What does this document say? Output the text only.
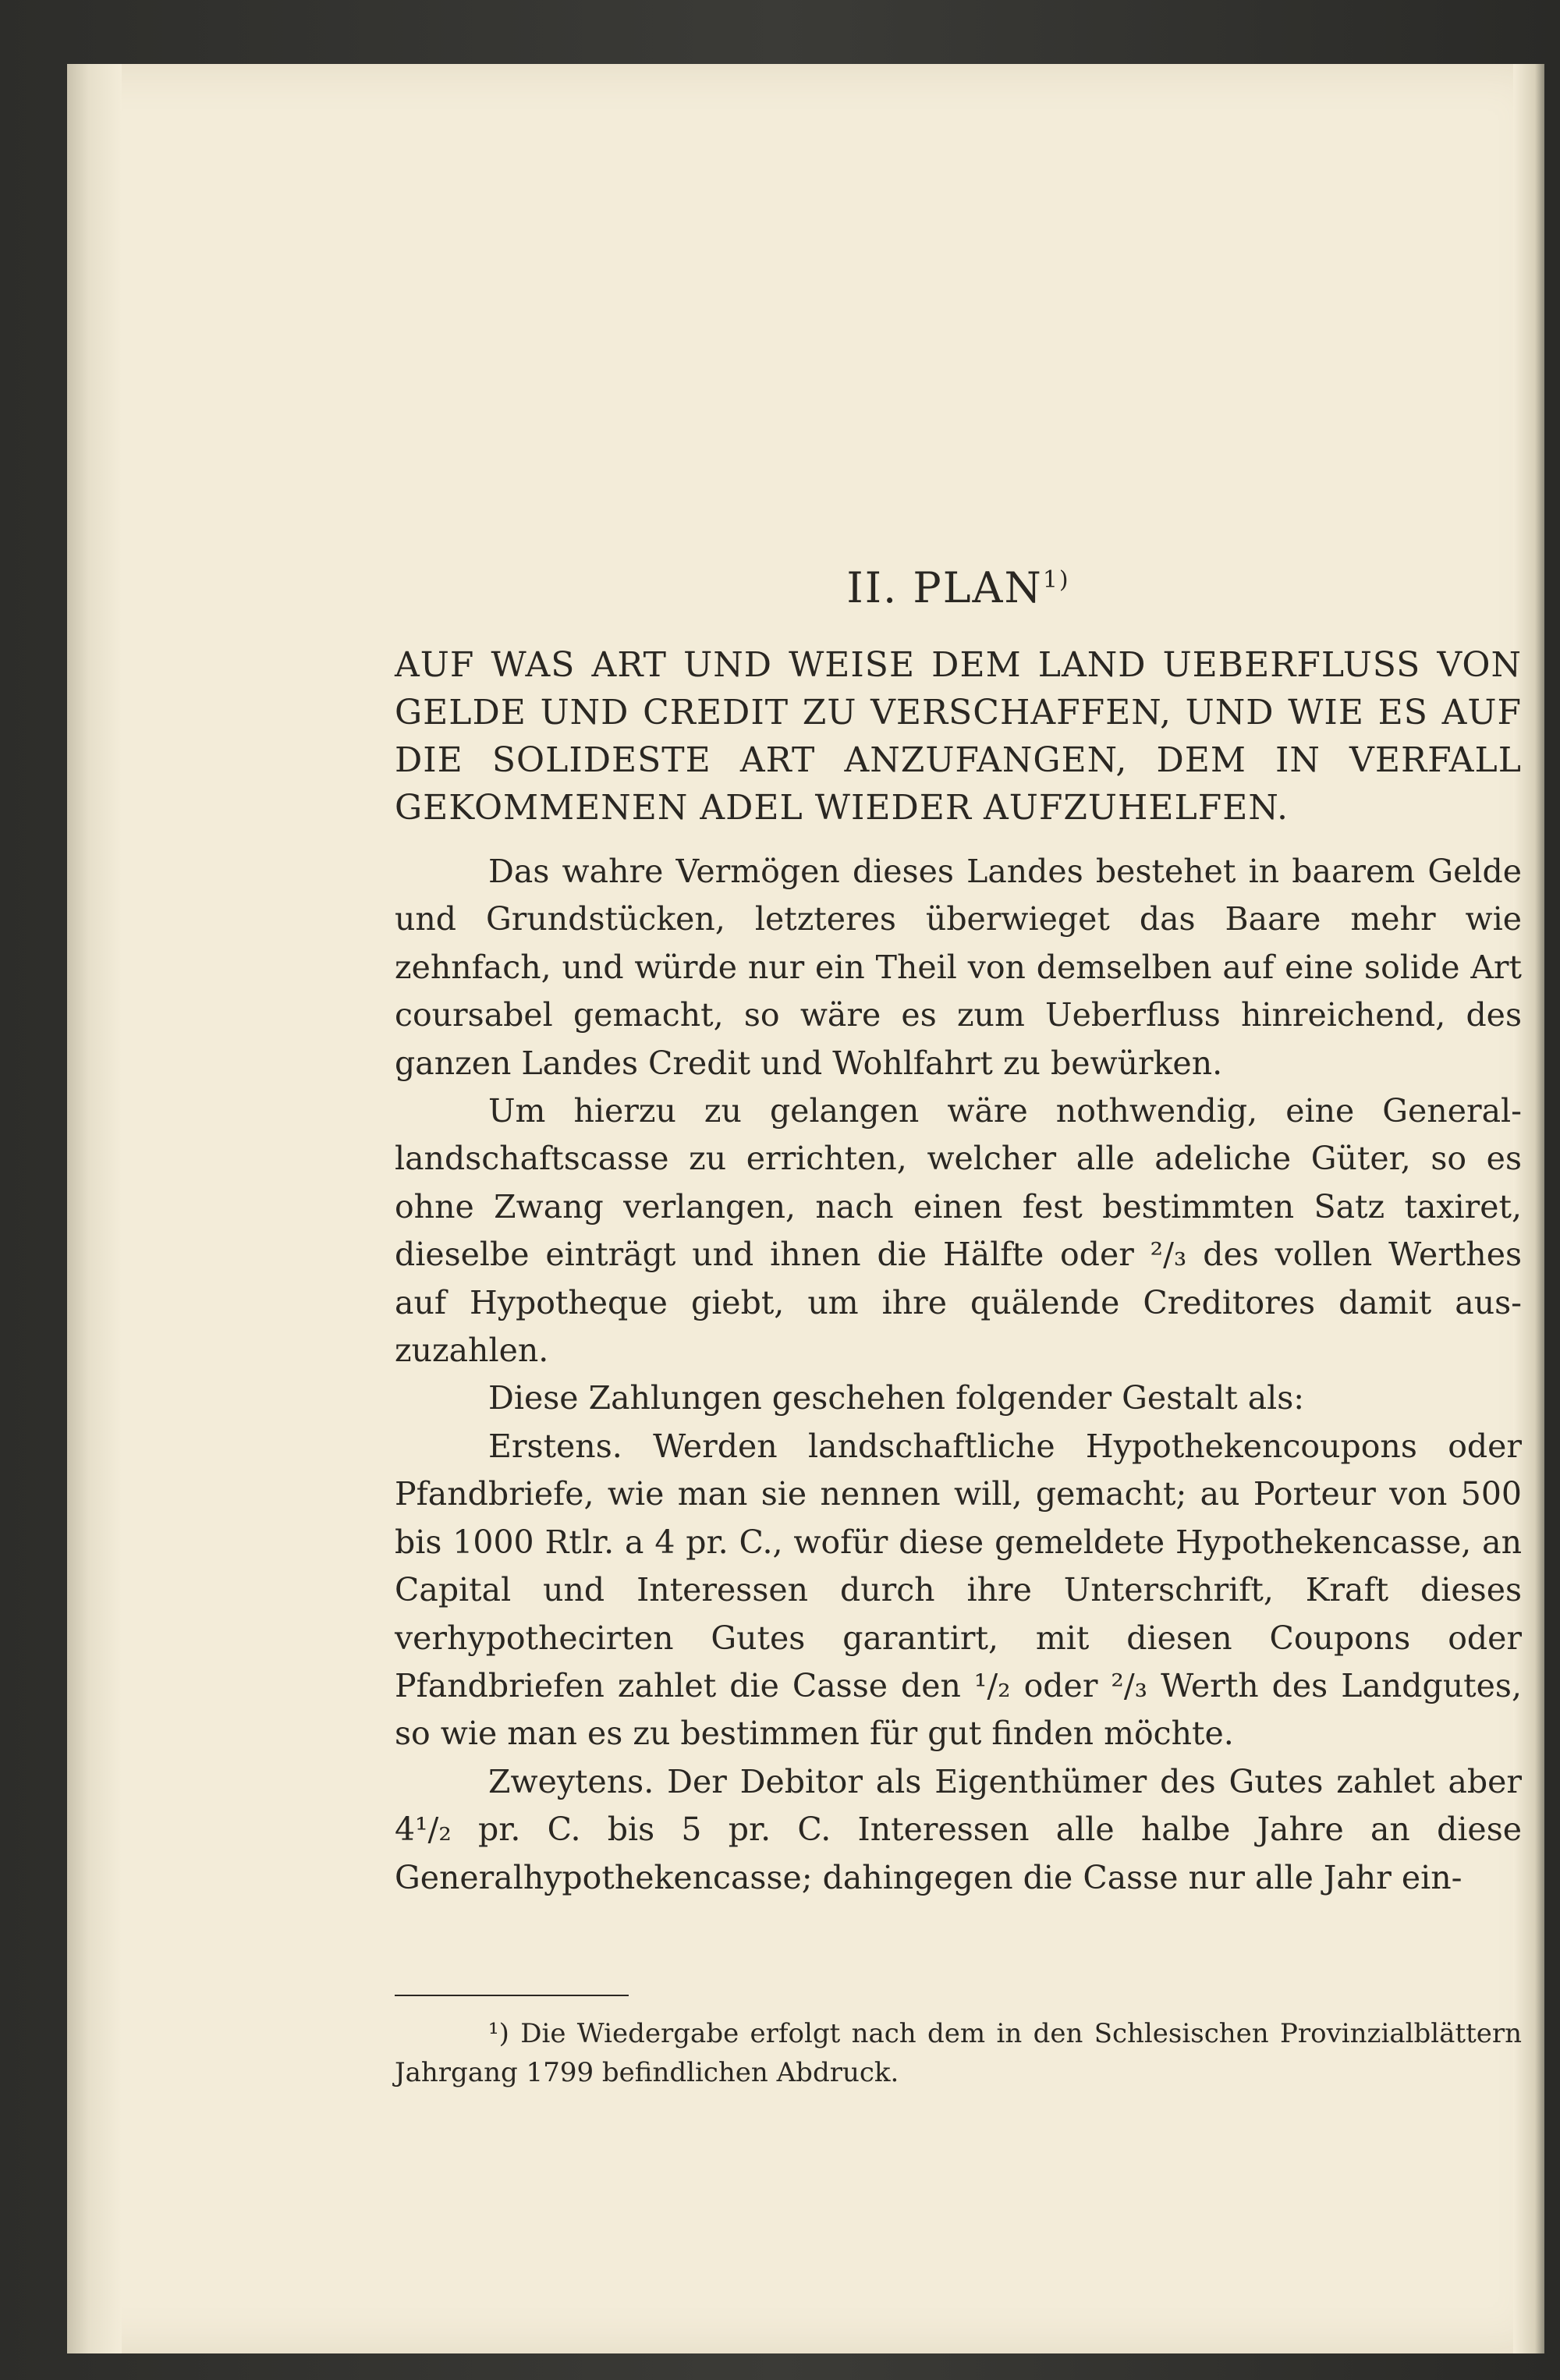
II. PLAN$^{1)}$

AUF WAS ART UND WEISE DEM LAND UEBERFLUSS VON GELDE UND CREDIT ZU VERSCHAFFEN, UND WIE ES AUF DIE SOLIDESTE ART ANZUFANGEN, DEM IN VERFALL GEKOMMENEN ADEL WIEDER AUFZUHELFEN.

Das wahre Vermögen dieses Landes bestehet in baarem Gelde und Grundstücken, letzteres überwieget das Baare mehr wie zehnfach, und würde nur ein Theil von demselben auf eine solide Art coursabel gemacht, so wäre es zum Ueberfluss hinreichend, des ganzen Landes Credit und Wohlfahrt zu bewürken.

Um hierzu zu gelangen wäre nothwendig, eine Generallandschaftscasse zu errichten, welcher alle adeliche Güter, so es ohne Zwang verlangen, nach einen fest bestimmten Satz taxiret, dieselbe einträgt und ihnen die Hälfte oder ²/₃ des vollen Werthes auf Hypotheque giebt, um ihre quälende Creditores damit auszuzahlen.

Diese Zahlungen geschehen folgender Gestalt als:

Erstens. Werden landschaftliche Hypothekencoupons oder Pfandbriefe, wie man sie nennen will, gemacht; au Porteur von 500 bis 1000 Rtlr. a 4 pr. C., wofür diese gemeldete Hypothekencasse, an Capital und Interessen durch ihre Unterschrift, Kraft dieses verhypothecirten Gutes garantirt, mit diesen Coupons oder Pfandbriefen zahlet die Casse den ¹/₂ oder ²/₃ Werth des Landgutes, so wie man es zu bestimmen für gut finden möchte.

Zweytens. Der Debitor als Eigenthümer des Gutes zahlet aber 4¹/₂ pr. C. bis 5 pr. C. Interessen alle halbe Jahre an diese Generalhypothekencasse; dahingegen die Casse nur alle Jahr ein-

¹) Die Wiedergabe erfolgt nach dem in den Schlesischen Provinzialblättern Jahrgang 1799 befindlichen Abdruck.
